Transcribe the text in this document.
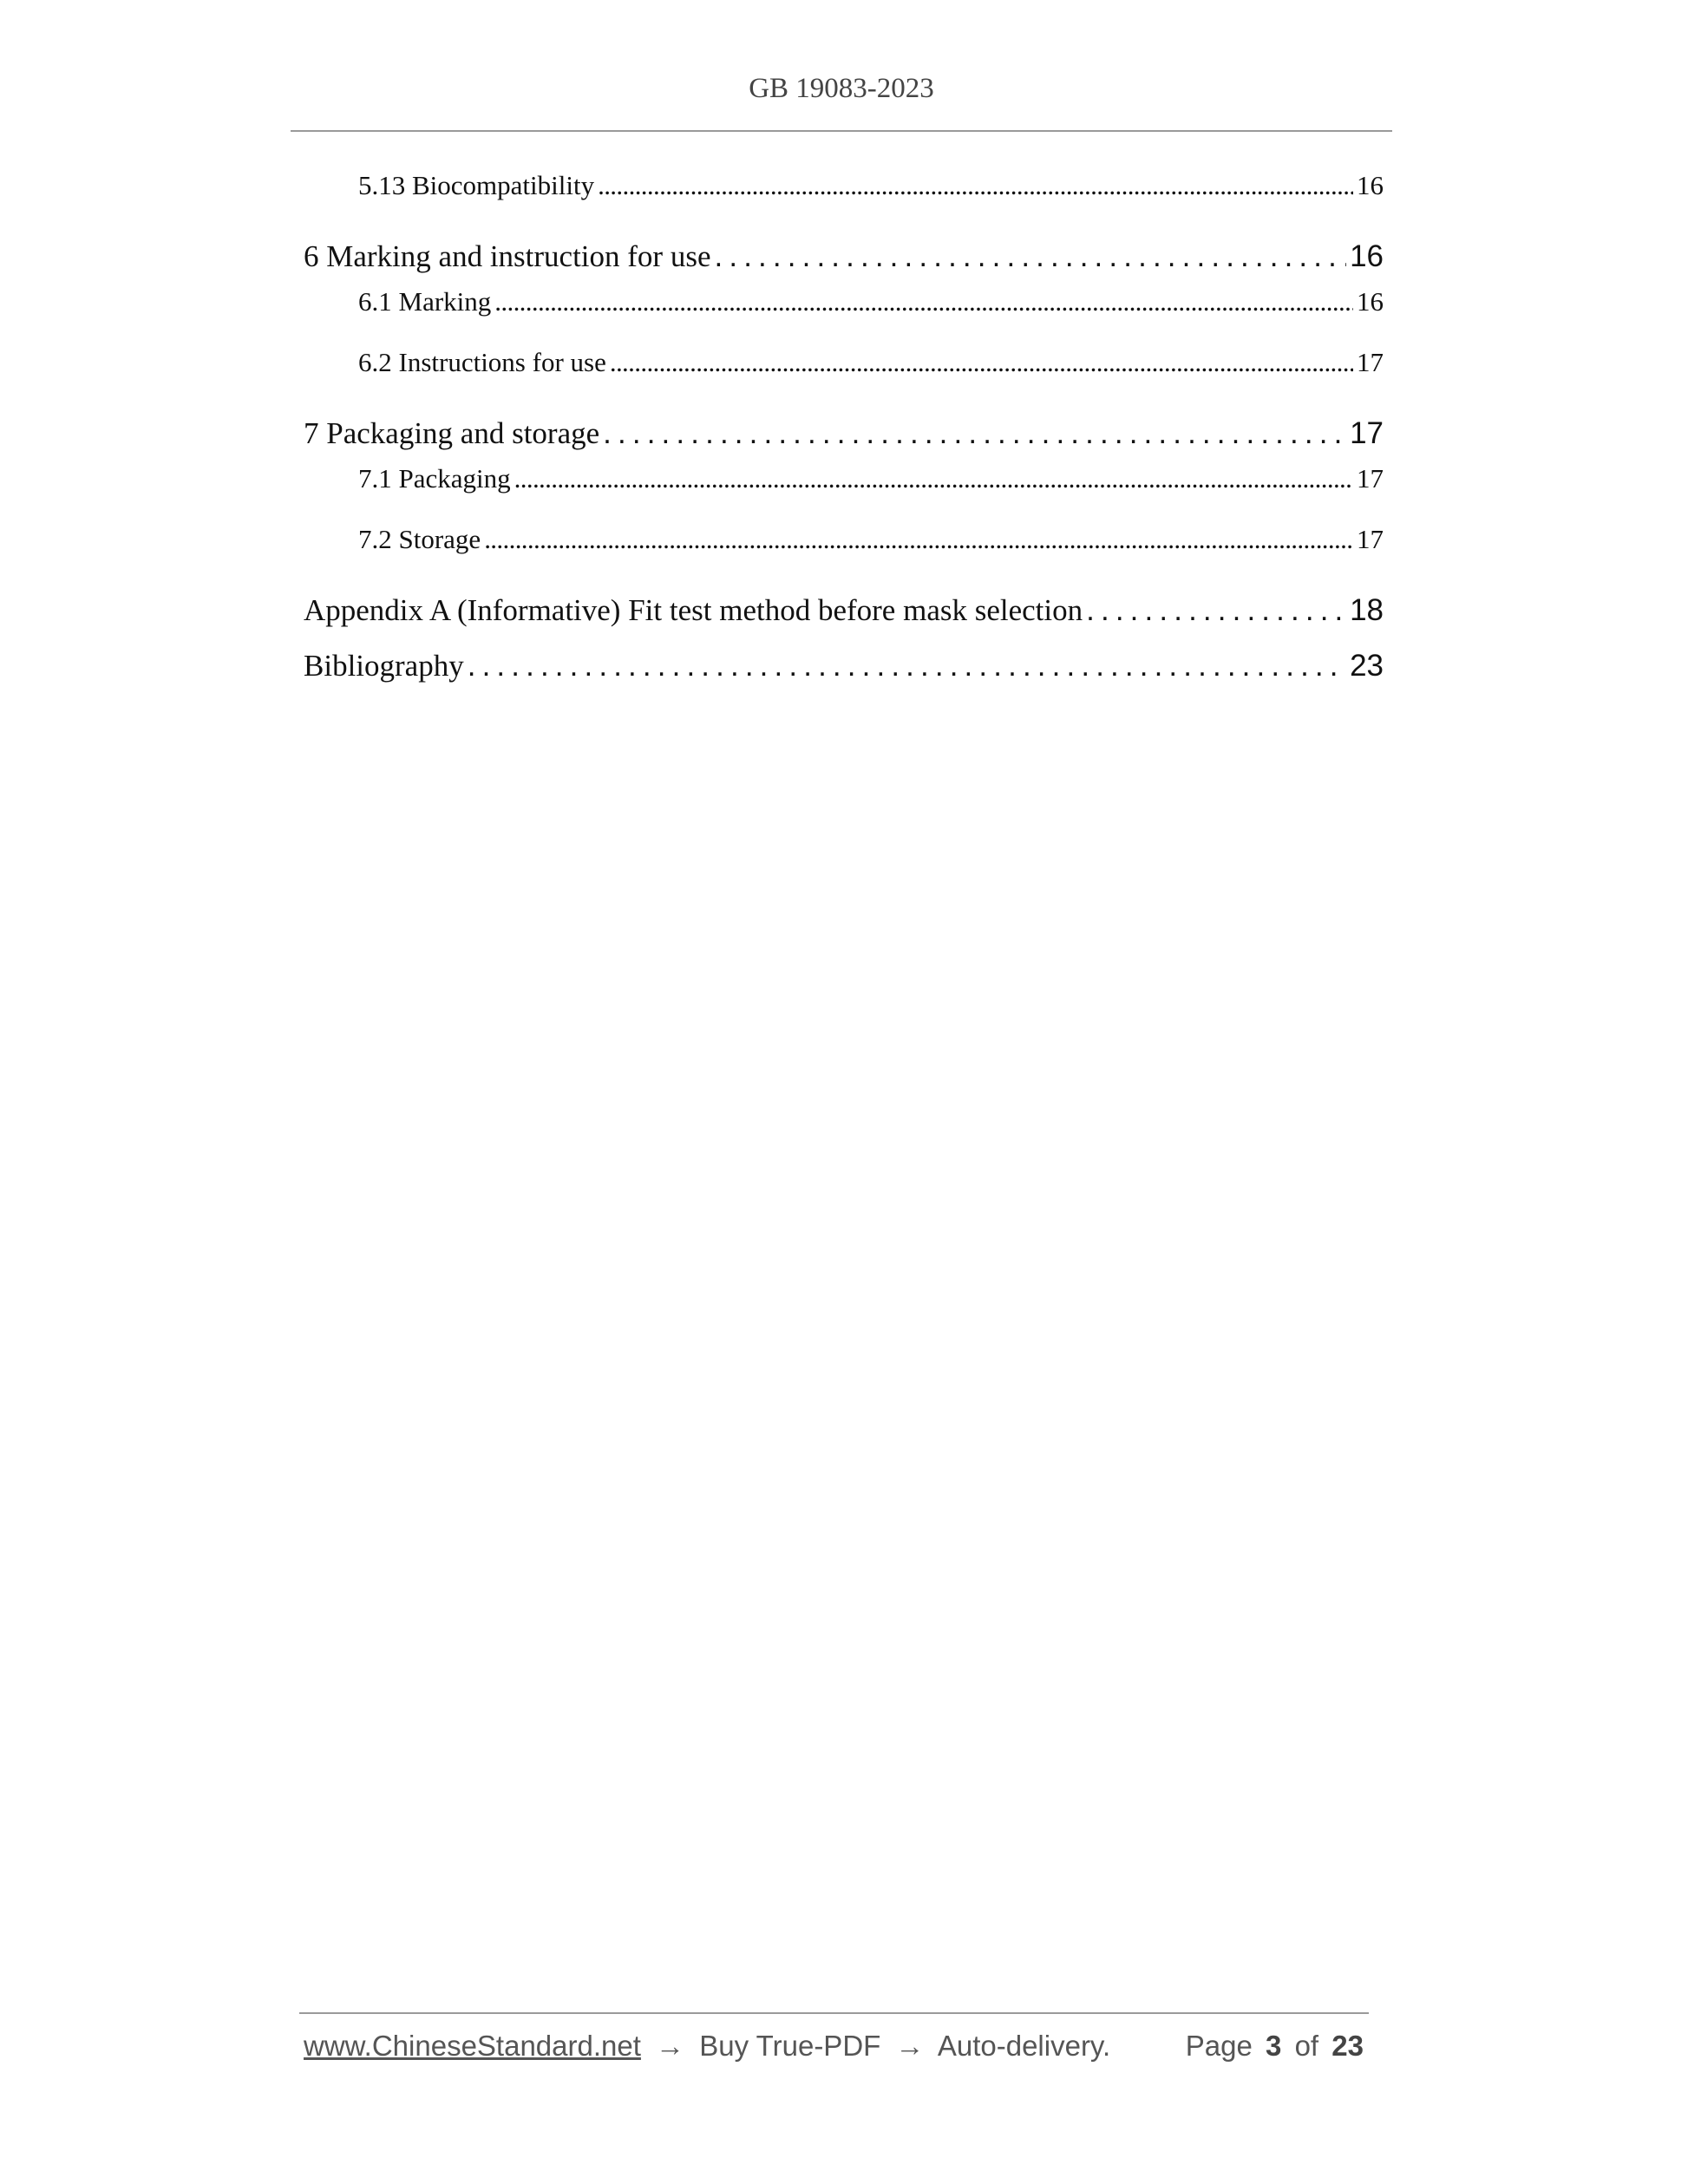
GB 19083-2023
5.13 Biocompatibility . . .	16
6 Marking and instruction for use . . .	16
6.1 Marking . . .	16
6.2 Instructions for use . . .	17
7 Packaging and storage . . .	17
7.1 Packaging . . .	17
7.2 Storage . . .	17
Appendix A (Informative) Fit test method before mask selection . . .	18
Bibliography . . .	23
www.ChineseStandard.net → Buy True-PDF → Auto-delivery.	Page 3 of 23
